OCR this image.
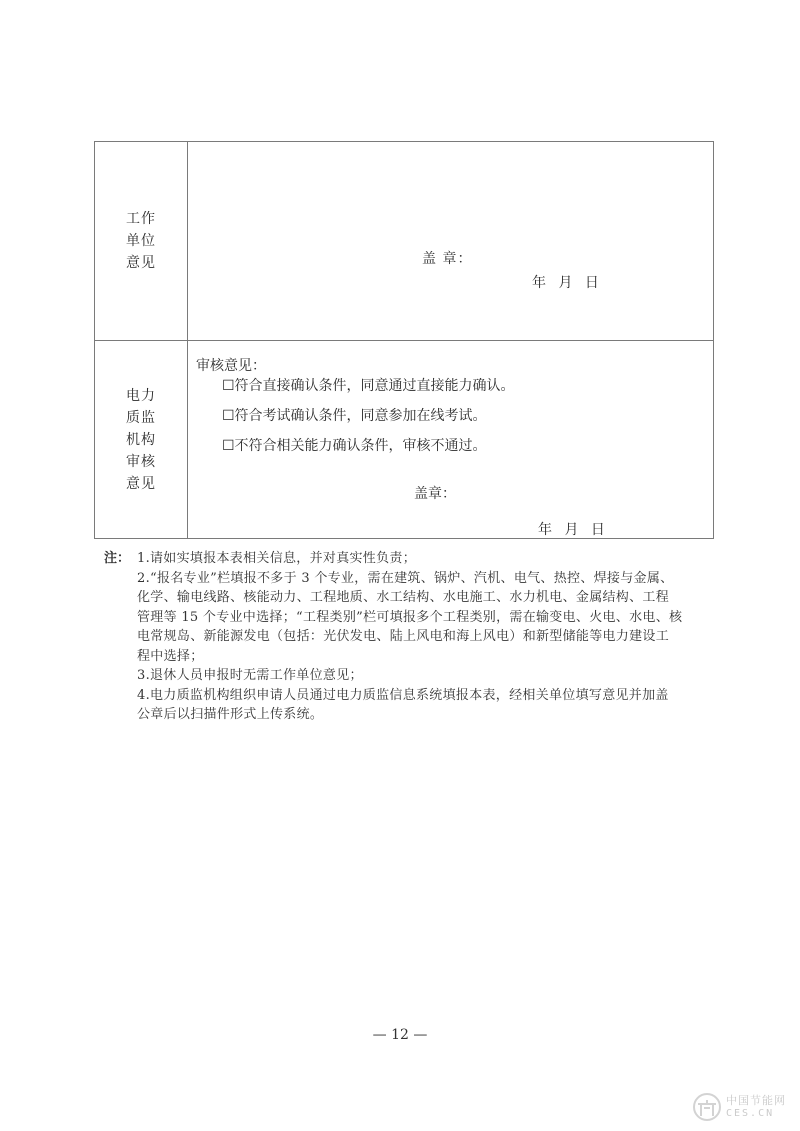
工作
单位
意见	盖 章：
年 月 日

电力
质监
机构
审核
意见

审核意见：
☐符合直接确认条件，同意通过直接能力确认。
☐符合考试确认条件，同意参加在线考试。
☐不符合相关能力确认条件，审核不通过。
盖章：
年 月 日
注： 1.请如实填报本表相关信息，并对真实性负责；
2.“报名专业”栏填报不多于 3 个专业，需在建筑、锅炉、汽机、电气、热控、焊接与金属、
化学、输电线路、核能动力、工程地质、水工结构、水电施工、水力机电、金属结构、工程
管理等 15 个专业中选择；“工程类别”栏可填报多个工程类别，需在输变电、火电、水电、核
电常规岛、新能源发电（包括：光伏发电、陆上风电和海上风电）和新型储能等电力建设工
程中选择；
3.退休人员申报时无需工作单位意见；
4.电力质监机构组织申请人员通过电力质监信息系统填报本表，经相关单位填写意见并加盖
公章后以扫描件形式上传系统。
— 12 —
中国节能网
CES.CN
